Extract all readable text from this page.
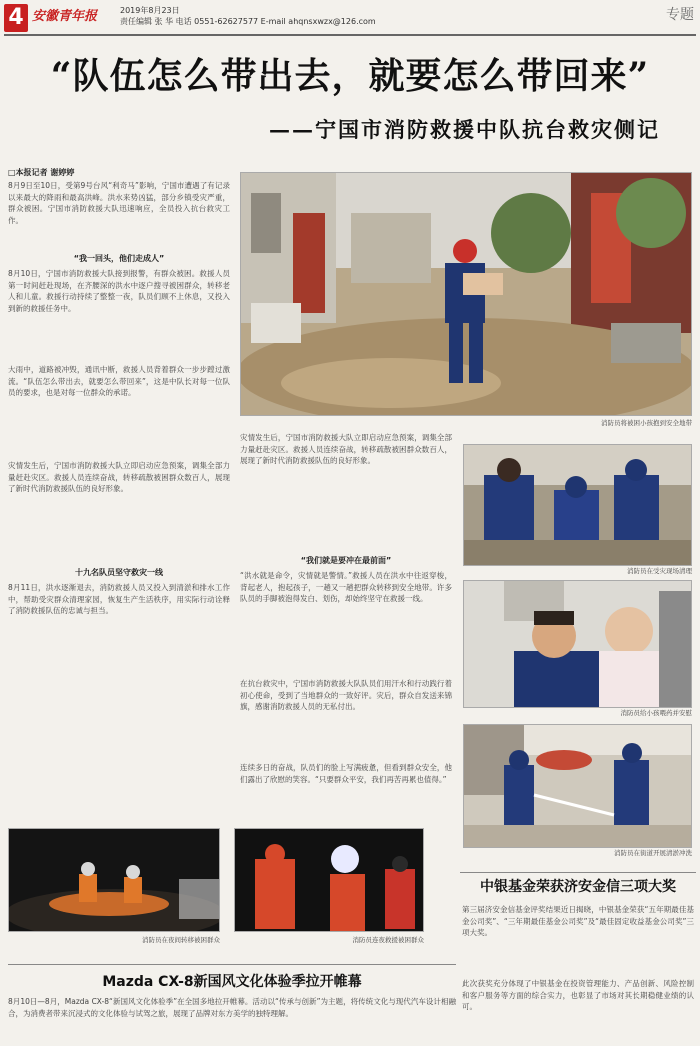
4 安徽青年报	2019年8月23日
责任编辑 张 华 电话 0551-62627577 E-mail ahqnsxwzx@126.com	专题
“队伍怎么带出去，就要怎么带回来”
——宁国市消防救援中队抗台救灾侧记
□本报记者 谢婷婷

8月9日至10日，受第9号台风“利奇马”影响，宁国市遭遇了有记录以来最大的降雨和最高洪峰。洪水来势凶猛，部分乡镇受灾严重，群众被困。宁国市消防救援大队迅速响应，全员投入抗台救灾工作。

“我一回头，他们走成人”

8月10日，宁国市消防救援大队接到报警，有群众被困。救援人员第一时间赶赴现场，在齐腰深的洪水中逐户搜寻被困群众，转移老人和儿童。救援行动持续了整整一夜，队员们顾不上休息，又投入到新的救援任务中。

大雨中，道路被冲毁，通讯中断，救援人员背着群众一步步蹚过激流。“队伍怎么带出去，就要怎么带回来”，这是中队长对每一位队员的要求，也是对每一位群众的承诺。

灾情发生后，宁国市消防救援大队立即启动应急预案，调集全部力量赶赴灾区。救援人员连续奋战，转移疏散被困群众数百人，展现了新时代消防救援队伍的良好形象。

十九名队员坚守救灾一线

8月11日，洪水逐渐退去，消防救援人员又投入到清淤和排水工作中，帮助受灾群众清理家园，恢复生产生活秩序，用实际行动诠释了消防救援队伍的忠诚与担当。

消防员将被困小孩抱到安全地带

灾情发生后，宁国市消防救援大队立即启动应急预案，调集全部力量赶赴灾区。救援人员连续奋战，转移疏散被困群众数百人，展现了新时代消防救援队伍的良好形象。

“我们就是要冲在最前面”

“洪水就是命令，灾情就是警情。”救援人员在洪水中往返穿梭，背起老人，抱起孩子，一趟又一趟把群众转移到安全地带。许多队员的手脚被泡得发白、划伤，却始终坚守在救援一线。

在抗台救灾中，宁国市消防救援大队队员们用汗水和行动践行着初心使命，受到了当地群众的一致好评。灾后，群众自发送来锦旗，感谢消防救援人员的无私付出。

连续多日的奋战，队员们的脸上写满疲惫，但看到群众安全，他们露出了欣慰的笑容。“只要群众平安，我们再苦再累也值得。”

消防员在受灾现场清理
消防员给小孩喂药并安慰
消防员在街道开展清淤冲洗
消防员在夜间转移被困群众	消防员连夜救援被困群众
中银基金荣获济安金信三项大奖

第三届济安金信基金评奖结果近日揭晓，中银基金荣获“五年期最佳基金公司奖”、“三年期最佳基金公司奖”及“最佳固定收益基金公司奖”三项大奖。

此次获奖充分体现了中银基金在投资管理能力、产品创新、风险控制和客户服务等方面的综合实力，也彰显了市场对其长期稳健业绩的认可。

Mazda CX-8新国风文化体验季拉开帷幕

8月10日—8月，Mazda CX-8“新国风文化体验季”在全国多地拉开帷幕。活动以“传承与创新”为主题，将传统文化与现代汽车设计相融合，为消费者带来沉浸式的文化体验与试驾之旅，展现了品牌对东方美学的独特理解。
